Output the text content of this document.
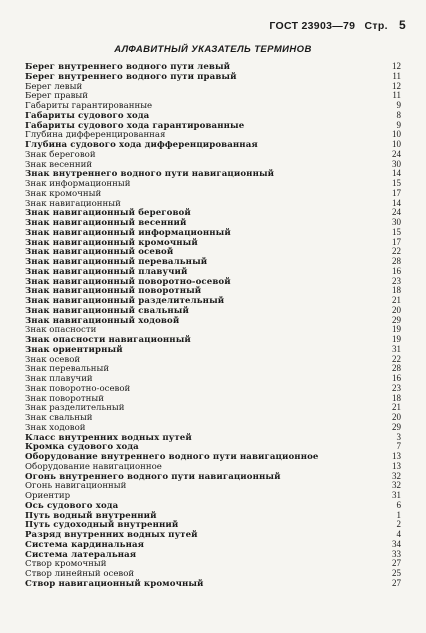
ГОСТ 23903—79 Стр. 5
АЛФАВИТНЫЙ УКАЗАТЕЛЬ ТЕРМИНОВ
Берег внутреннего водного пути левый	12
Берег внутреннего водного пути правый	11
Берег левый	12
Берег правый	11
Габариты гарантированные	9
Габариты судового хода	8
Габариты судового хода гарантированные	9
Глубина дифференцированная	10
Глубина судового хода дифференцированная	10
Знак береговой	24
Знак весенний	30
Знак внутреннего водного пути навигационный	14
Знак информационный	15
Знак кромочный	17
Знак навигационный	14
Знак навигационный береговой	24
Знак навигационный весенний	30
Знак навигационный информационный	15
Знак навигационный кромочный	17
Знак навигационный осевой	22
Знак навигационный перевальный	28
Знак навигационный плавучий	16
Знак навигационный поворотно-осевой	23
Знак навигационный поворотный	18
Знак навигационный разделительный	21
Знак навигационный свальный	20
Знак навигационный ходовой	29
Знак опасности	19
Знак опасности навигационный	19
Знак ориентирный	31
Знак осевой	22
Знак перевальный	28
Знак плавучий	16
Знак поворотно-осевой	23
Знак поворотный	18
Знак разделительный	21
Знак свальный	20
Знак ходовой	29
Класс внутренних водных путей	3
Кромка судового хода	7
Оборудование внутреннего водного пути навигационное	13
Оборудование навигационное	13
Огонь внутреннего водного пути навигационный	32
Огонь навигационный	32
Ориентир	31
Ось судового хода	6
Путь водный внутренний	1
Путь судоходный внутренний	2
Разряд внутренних водных путей	4
Система кардинальная	34
Система латеральная	33
Створ кромочный	27
Створ линейный осевой	25
Створ навигационный кромочный	27
